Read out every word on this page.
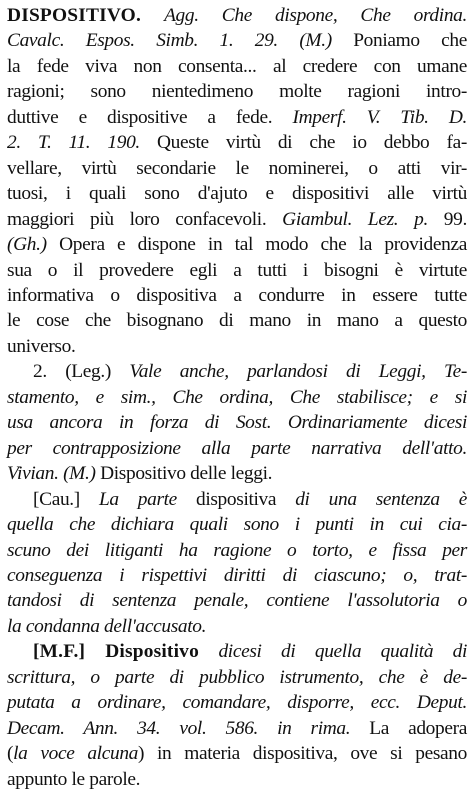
DISPOSITIVO. Agg. Che dispone, Che ordina.
Cavalc. Espos. Simb. 1. 29. (M.) Poniamo che
la fede viva non consenta... al credere con umane
ragioni; sono nientedimeno molte ragioni intro-
duttive e dispositive a fede. Imperf. V. Tib. D.
2. T. 11. 190. Queste virtù di che io debbo fa-
vellare, virtù secondarie le nominerei, o atti vir-
tuosi, i quali sono d'ajuto e dispositivi alle virtù
maggiori più loro confacevoli. Giambul. Lez. p. 99.
(Gh.) Opera e dispone in tal modo che la providenza
sua o il provedere egli a tutti i bisogni è virtute
informativa o dispositiva a condurre in essere tutte
le cose che bisognano di mano in mano a questo
universo.
2. (Leg.) Vale anche, parlandosi di Leggi, Te-
stamento, e sim., Che ordina, Che stabilisce; e si
usa ancora in forza di Sost. Ordinariamente dicesi
per contrapposizione alla parte narrativa dell'atto.
Vivian. (M.) Dispositivo delle leggi.
[Cau.] La parte dispositiva di una sentenza è
quella che dichiara quali sono i punti in cui cia-
scuno dei litiganti ha ragione o torto, e fissa per
conseguenza i rispettivi diritti di ciascuno; o, trat-
tandosi di sentenza penale, contiene l'assolutoria o
la condanna dell'accusato.
[M.F.] Dispositivo dicesi di quella qualità di
scrittura, o parte di pubblico istrumento, che è de-
putata a ordinare, comandare, disporre, ecc. Deput.
Decam. Ann. 34. vol. 586. in rima. La adopera
(la voce alcuna) in materia dispositiva, ove si pesano
appunto le parole.
